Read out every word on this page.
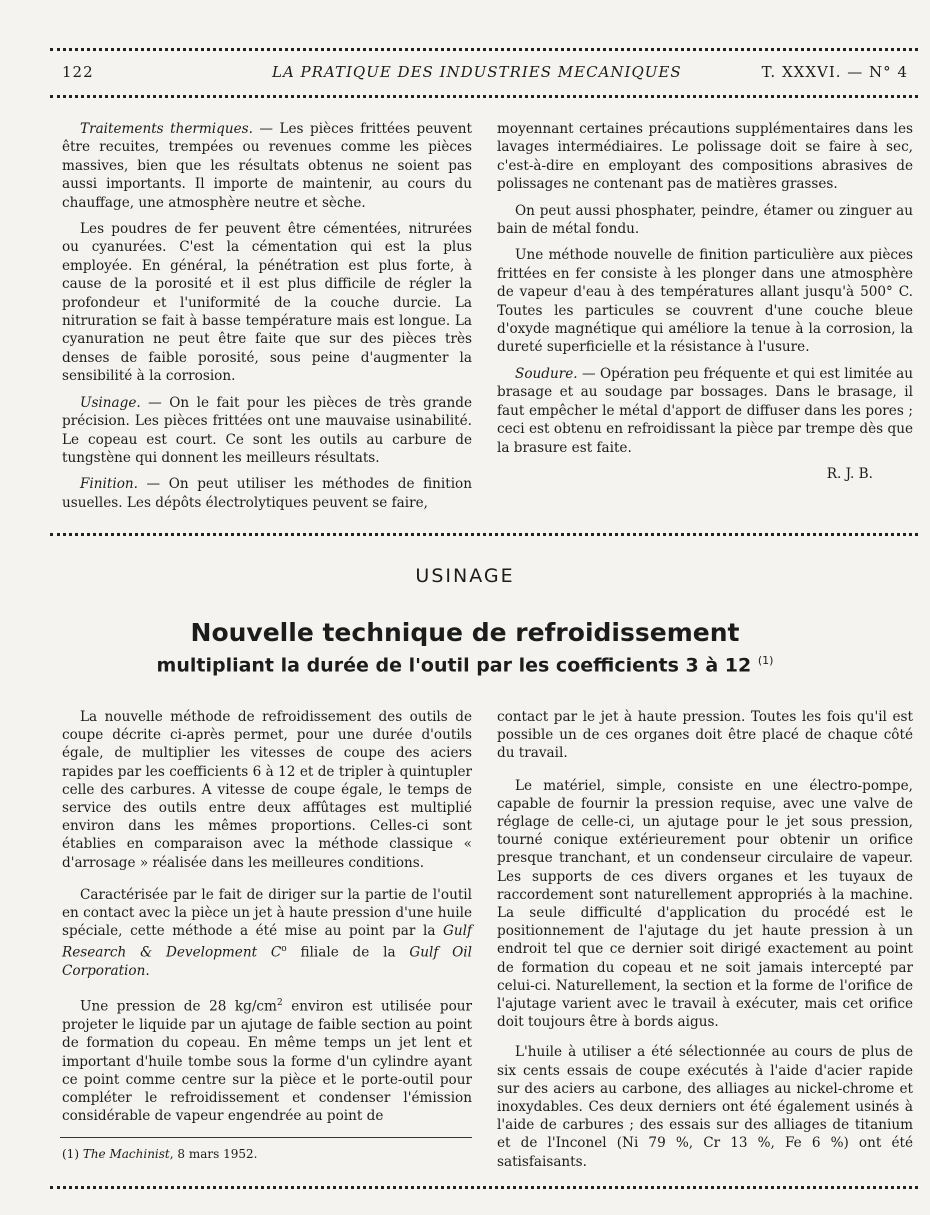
122	LA PRATIQUE DES INDUSTRIES MECANIQUES	T. XXXVI. — N° 4

Traitements thermiques. — Les pièces frittées peuvent être recuites, trempées ou revenues comme les pièces massives, bien que les résultats obtenus ne soient pas aussi importants. Il importe de maintenir, au cours du chauffage, une atmosphère neutre et sèche.

Les poudres de fer peuvent être cémentées, nitrurées ou cyanurées. C'est la cémentation qui est la plus employée. En général, la pénétration est plus forte, à cause de la porosité et il est plus difficile de régler la profondeur et l'uniformité de la couche durcie. La nitruration se fait à basse température mais est longue. La cyanuration ne peut être faite que sur des pièces très denses de faible porosité, sous peine d'augmenter la sensibilité à la corrosion.

Usinage. — On le fait pour les pièces de très grande précision. Les pièces frittées ont une mauvaise usinabilité. Le copeau est court. Ce sont les outils au carbure de tungstène qui donnent les meilleurs résultats.

Finition. — On peut utiliser les méthodes de finition usuelles. Les dépôts électrolytiques peuvent se faire,

moyennant certaines précautions supplémentaires dans les lavages intermédiaires. Le polissage doit se faire à sec, c'est-à-dire en employant des compositions abrasives de polissages ne contenant pas de matières grasses.

On peut aussi phosphater, peindre, étamer ou zinguer au bain de métal fondu.

Une méthode nouvelle de finition particulière aux pièces frittées en fer consiste à les plonger dans une atmosphère de vapeur d'eau à des températures allant jusqu'à 500° C. Toutes les particules se couvrent d'une couche bleue d'oxyde magnétique qui améliore la tenue à la corrosion, la dureté superficielle et la résistance à l'usure.

Soudure. — Opération peu fréquente et qui est limitée au brasage et au soudage par bossages. Dans le brasage, il faut empêcher le métal d'apport de diffuser dans les pores ; ceci est obtenu en refroidissant la pièce par trempe dès que la brasure est faite.

R. J. B.

USINAGE
Nouvelle technique de refroidissement
multipliant la durée de l'outil par les coefficients 3 à 12 $^{(1)}$

La nouvelle méthode de refroidissement des outils de coupe décrite ci-après permet, pour une durée d'outils égale, de multiplier les vitesses de coupe des aciers rapides par les coefficients 6 à 12 et de tripler à quintupler celle des carbures. A vitesse de coupe égale, le temps de service des outils entre deux affûtages est multiplié environ dans les mêmes proportions. Celles-ci sont établies en comparaison avec la méthode classique « d'arrosage » réalisée dans les meilleures conditions.

Caractérisée par le fait de diriger sur la partie de l'outil en contact avec la pièce un jet à haute pression d'une huile spéciale, cette méthode a été mise au point par la Gulf Research & Development $C^o$ filiale de la Gulf Oil Corporation.

Une pression de 28 $kg/cm^2$ environ est utilisée pour projeter le liquide par un ajutage de faible section au point de formation du copeau. En même temps un jet lent et important d'huile tombe sous la forme d'un cylindre ayant ce point comme centre sur la pièce et le porte-outil pour compléter le refroidissement et condenser l'émission considérable de vapeur engendrée au point de

contact par le jet à haute pression. Toutes les fois qu'il est possible un de ces organes doit être placé de chaque côté du travail.

Le matériel, simple, consiste en une électro-pompe, capable de fournir la pression requise, avec une valve de réglage de celle-ci, un ajutage pour le jet sous pression, tourné conique extérieurement pour obtenir un orifice presque tranchant, et un condenseur circulaire de vapeur. Les supports de ces divers organes et les tuyaux de raccordement sont naturellement appropriés à la machine. La seule difficulté d'application du procédé est le positionnement de l'ajutage du jet haute pression à un endroit tel que ce dernier soit dirigé exactement au point de formation du copeau et ne soit jamais intercepté par celui-ci. Naturellement, la section et la forme de l'orifice de l'ajutage varient avec le travail à exécuter, mais cet orifice doit toujours être à bords aigus.

L'huile à utiliser a été sélectionnée au cours de plus de six cents essais de coupe exécutés à l'aide d'acier rapide sur des aciers au carbone, des alliages au nickel-chrome et inoxydables. Ces deux derniers ont été également usinés à l'aide de carbures ; des essais sur des alliages de titanium et de l'Inconel (Ni 79 %, Cr 13 %, Fe 6 %) ont été satisfaisants.

(1) The Machinist, 8 mars 1952.
